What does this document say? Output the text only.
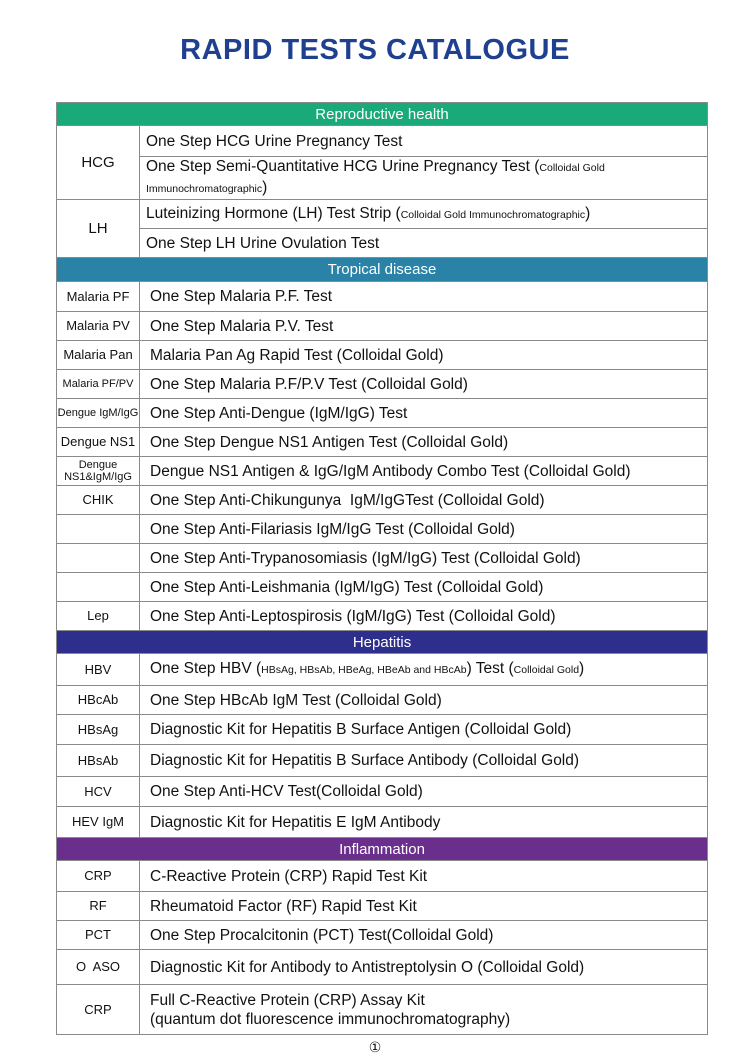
RAPID TESTS CATALOGUE
Reproductive health	
HCG	One Step HCG Urine Pregnancy Test
	One Step Semi-Quantitative HCG Urine Pregnancy Test (Colloidal Gold Immunochromatographic)
LH	Luteinizing Hormone (LH) Test Strip (Colloidal Gold Immunochromatographic)
	One Step LH Urine Ovulation Test
Tropical disease	
Malaria PF	One Step Malaria P.F. Test
Malaria PV	One Step Malaria P.V. Test
Malaria Pan	Malaria Pan Ag Rapid Test (Colloidal Gold)
Malaria PF/PV	One Step Malaria P.F/P.V Test (Colloidal Gold)
Dengue IgM/IgG	One Step Anti-Dengue (IgM/IgG) Test
Dengue NS1	One Step Dengue NS1 Antigen Test (Colloidal Gold)
Dengue NS1&IgM/IgG	Dengue NS1 Antigen & IgG/IgM Antibody Combo Test (Colloidal Gold)
CHIK	One Step Anti-Chikungunya  IgM/IgGTest (Colloidal Gold)
	One Step Anti-Filariasis IgM/IgG Test (Colloidal Gold)
	One Step Anti-Trypanosomiasis (IgM/IgG) Test (Colloidal Gold)
	One Step Anti-Leishmania (IgM/IgG) Test (Colloidal Gold)
Lep	One Step Anti-Leptospirosis (IgM/IgG) Test (Colloidal Gold)
Hepatitis	
HBV	One Step HBV (HBsAg, HBsAb, HBeAg, HBeAb and HBcAb) Test (Colloidal Gold)
HBcAb	One Step HBcAb IgM Test (Colloidal Gold)
HBsAg	Diagnostic Kit for Hepatitis B Surface Antigen (Colloidal Gold)
HBsAb	Diagnostic Kit for Hepatitis B Surface Antibody (Colloidal Gold)
HCV	One Step Anti-HCV Test(Colloidal Gold)
HEV IgM	Diagnostic Kit for Hepatitis E IgM Antibody
Inflammation	
CRP	C-Reactive Protein (CRP) Rapid Test Kit
RF	Rheumatoid Factor (RF) Rapid Test Kit
PCT	One Step Procalcitonin (PCT) Test(Colloidal Gold)
O  ASO	Diagnostic Kit for Antibody to Antistreptolysin O (Colloidal Gold)
CRP	Full C-Reactive Protein (CRP) Assay Kit
(quantum dot fluorescence immunochromatography)
①
